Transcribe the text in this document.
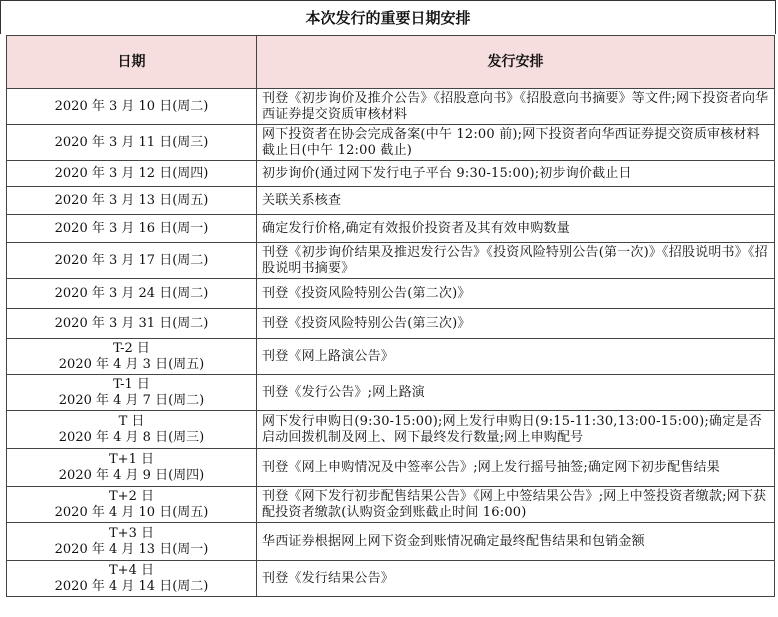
本次发行的重要日期安排
日期	发行安排

2020 年 3 月 10 日(周二)	刊登《初步询价及推介公告》《招股意向书》《招股意向书摘要》等文件;网下投资者向华西证券提交资质审核材料

2020 年 3 月 11 日(周三)	网下投资者在协会完成备案(中午 12:00 前);网下投资者向华西证券提交资质审核材料截止日(中午 12:00 截止)

2020 年 3 月 12 日(周四)	初步询价(通过网下发行电子平台 9:30-15:00);初步询价截止日

2020 年 3 月 13 日(周五)	关联关系核查

2020 年 3 月 16 日(周一)	确定发行价格,确定有效报价投资者及其有效申购数量

2020 年 3 月 17 日(周二)	刊登《初步询价结果及推迟发行公告》《投资风险特别公告(第一次)》《招股说明书》《招股说明书摘要》

2020 年 3 月 24 日(周二)	刊登《投资风险特别公告(第二次)》

2020 年 3 月 31 日(周二)	刊登《投资风险特别公告(第三次)》

T-2 日
2020 年 4 月 3 日(周五)	刊登《网上路演公告》

T-1 日
2020 年 4 月 7 日(周二)	刊登《发行公告》;网上路演

T 日
2020 年 4 月 8 日(周三)	网下发行申购日(9:30-15:00);网上发行申购日(9:15-11:30,13:00-15:00);确定是否启动回拨机制及网上、网下最终发行数量;网上申购配号

T+1 日
2020 年 4 月 9 日(周四)	刊登《网上申购情况及中签率公告》;网上发行摇号抽签;确定网下初步配售结果

T+2 日
2020 年 4 月 10 日(周五)	刊登《网下发行初步配售结果公告》《网上中签结果公告》;网上中签投资者缴款;网下获配投资者缴款(认购资金到账截止时间 16:00)

T+3 日
2020 年 4 月 13 日(周一)	华西证券根据网上网下资金到账情况确定最终配售结果和包销金额

T+4 日
2020 年 4 月 14 日(周二)	刊登《发行结果公告》
